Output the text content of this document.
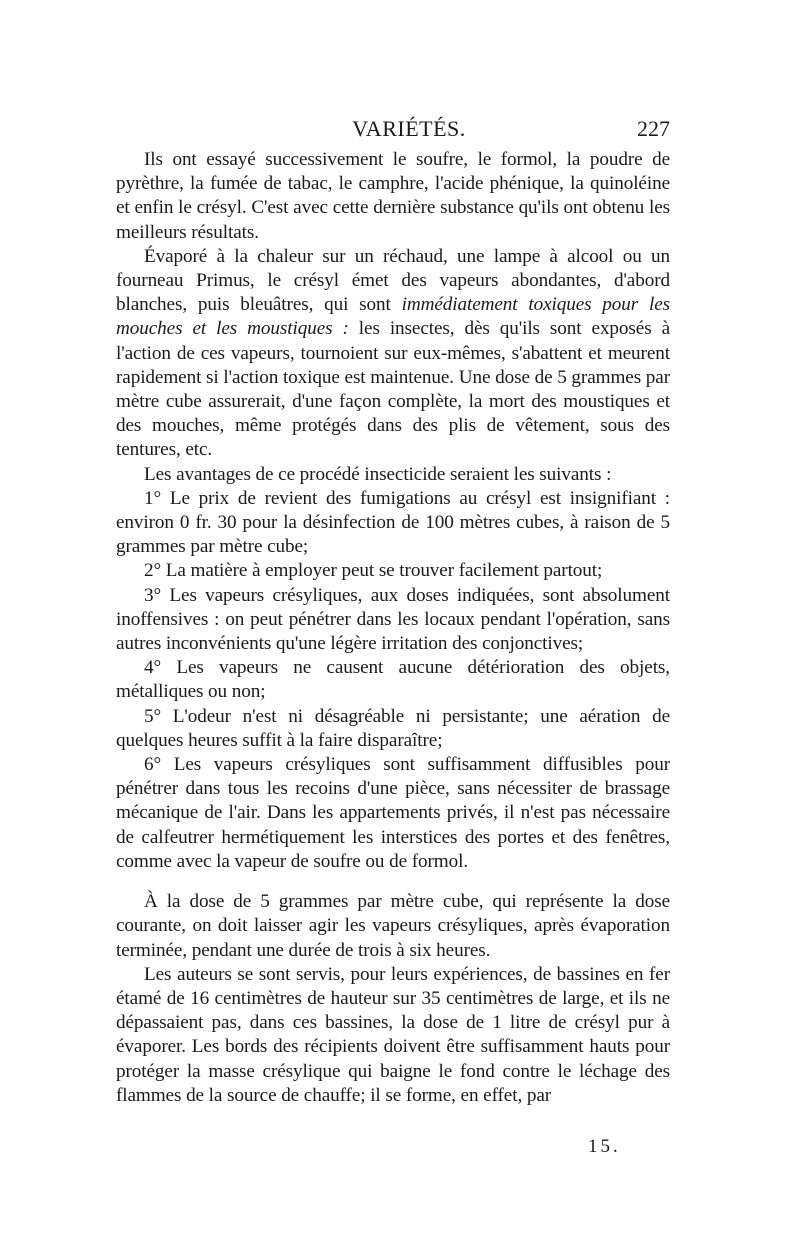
VARIÉTÉS.	227

Ils ont essayé successivement le soufre, le formol, la poudre de pyrèthre, la fumée de tabac, le camphre, l'acide phénique, la quinoléine et enfin le crésyl. C'est avec cette dernière substance qu'ils ont obtenu les meilleurs résultats.

Évaporé à la chaleur sur un réchaud, une lampe à alcool ou un fourneau Primus, le crésyl émet des vapeurs abondantes, d'abord blanches, puis bleuâtres, qui sont immédiatement toxiques pour les mouches et les moustiques : les insectes, dès qu'ils sont exposés à l'action de ces vapeurs, tournoient sur eux-mêmes, s'abattent et meurent rapidement si l'action toxique est maintenue. Une dose de 5 grammes par mètre cube assurerait, d'une façon complète, la mort des moustiques et des mouches, même protégés dans des plis de vêtement, sous des tentures, etc.

Les avantages de ce procédé insecticide seraient les suivants :

1° Le prix de revient des fumigations au crésyl est insignifiant : environ 0 fr. 30 pour la désinfection de 100 mètres cubes, à raison de 5 grammes par mètre cube;

2° La matière à employer peut se trouver facilement partout;

3° Les vapeurs crésyliques, aux doses indiquées, sont absolument inoffensives : on peut pénétrer dans les locaux pendant l'opération, sans autres inconvénients qu'une légère irritation des conjonctives;

4° Les vapeurs ne causent aucune détérioration des objets, métalliques ou non;

5° L'odeur n'est ni désagréable ni persistante; une aération de quelques heures suffit à la faire disparaître;

6° Les vapeurs crésyliques sont suffisamment diffusibles pour pénétrer dans tous les recoins d'une pièce, sans nécessiter de brassage mécanique de l'air. Dans les appartements privés, il n'est pas nécessaire de calfeutrer hermétiquement les interstices des portes et des fenêtres, comme avec la vapeur de soufre ou de formol.

À la dose de 5 grammes par mètre cube, qui représente la dose courante, on doit laisser agir les vapeurs crésyliques, après évaporation terminée, pendant une durée de trois à six heures.

Les auteurs se sont servis, pour leurs expériences, de bassines en fer étamé de 16 centimètres de hauteur sur 35 centimètres de large, et ils ne dépassaient pas, dans ces bassines, la dose de 1 litre de crésyl pur à évaporer. Les bords des récipients doivent être suffisamment hauts pour protéger la masse crésylique qui baigne le fond contre le léchage des flammes de la source de chauffe; il se forme, en effet, par

15.
